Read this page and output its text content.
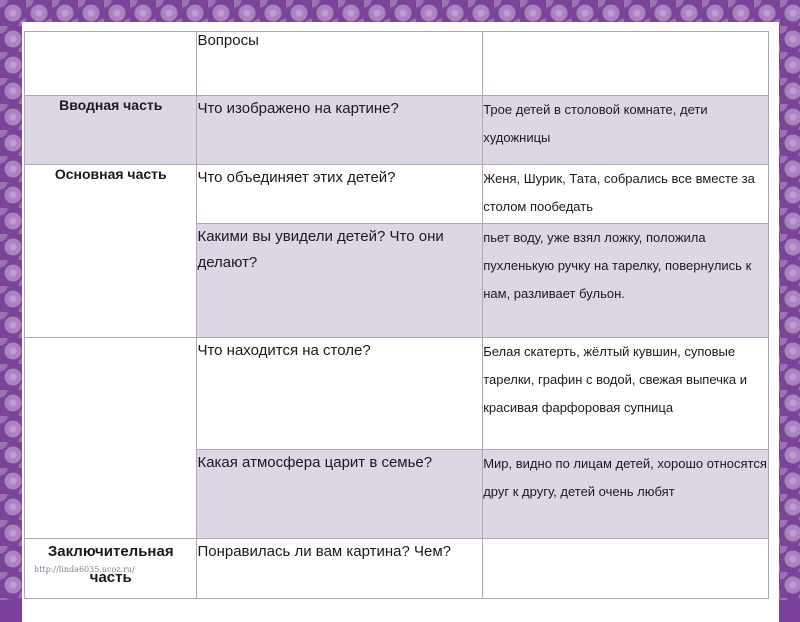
	Вопросы	
Вводная часть	Что изображено на картине?	Трое детей в столовой комнате, дети художницы
Основная часть	Что объединяет этих детей?	Женя, Шурик, Тата, собрались все вместе за столом пообедать
	Какими вы увидели детей? Что они делают?	пьет воду, уже взял ложку, положила пухленькую ручку на тарелку, повернулись к нам, разливает бульон.
	Что находится на столе?	Белая скатерть, жёлтый кувшин, суповые тарелки, графин с водой, свежая выпечка и красивая фарфоровая супница
	Какая атмосфера царит в семье?	Мир, видно по лицам детей, хорошо относятся друг к другу, детей очень любят
Заключительная часть	Понравилась ли вам картина? Чем?	
http://linda6035.ucoz.ru/
